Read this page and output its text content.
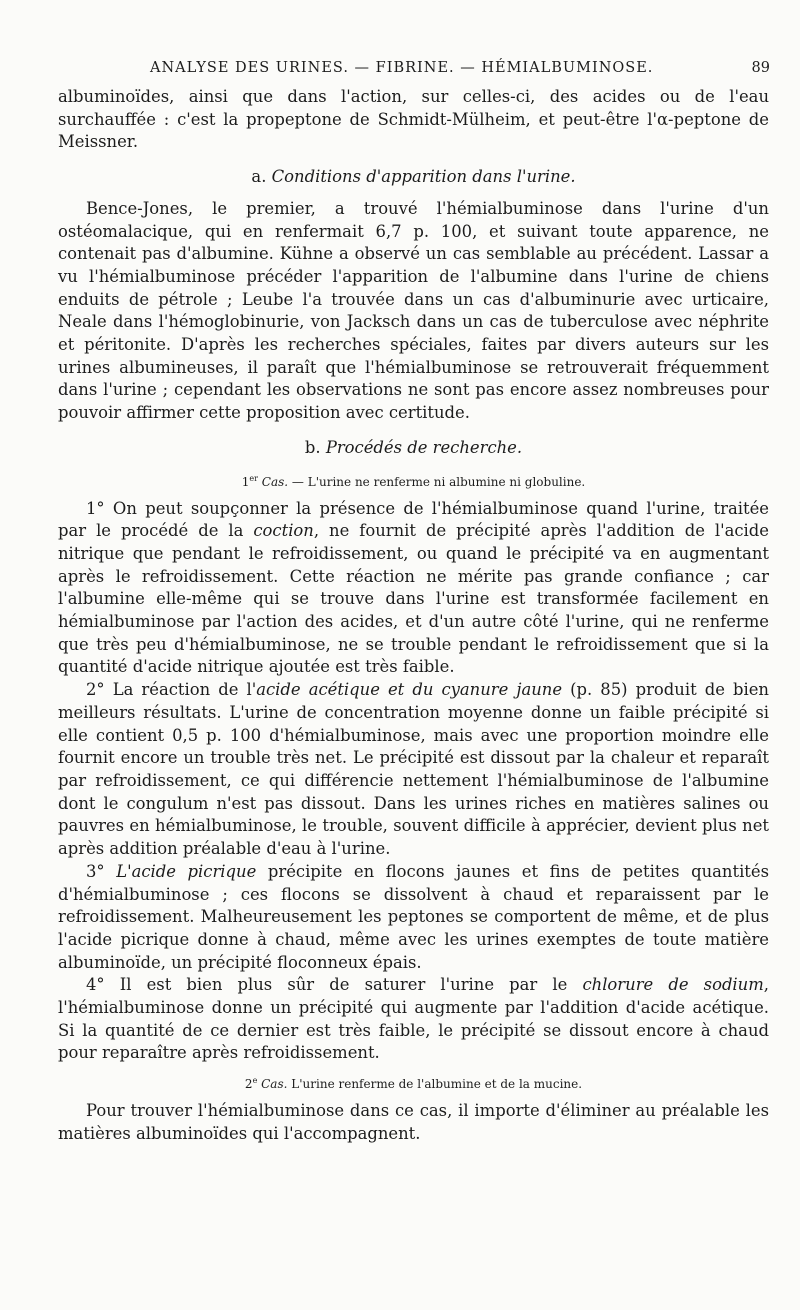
ANALYSE DES URINES. — FIBRINE. — HÉMIALBUMINOSE.	89

albuminoïdes, ainsi que dans l'action, sur celles-ci, des acides ou de l'eau surchauffée : c'est la propeptone de Schmidt-Mülheim, et peut-être l'α-peptone de Meissner.

a. Conditions d'apparition dans l'urine.

Bence-Jones, le premier, a trouvé l'hémialbuminose dans l'urine d'un ostéomalacique, qui en renfermait 6,7 p. 100, et suivant toute apparence, ne contenait pas d'albumine. Kühne a observé un cas semblable au précédent. Lassar a vu l'hémialbuminose précéder l'apparition de l'albumine dans l'urine de chiens enduits de pétrole ; Leube l'a trouvée dans un cas d'albuminurie avec urticaire, Neale dans l'hémoglobinurie, von Jacksch dans un cas de tuberculose avec néphrite et péritonite. D'après les recherches spéciales, faites par divers auteurs sur les urines albumineuses, il paraît que l'hémialbuminose se retrouverait fréquemment dans l'urine ; cependant les observations ne sont pas encore assez nombreuses pour pouvoir affirmer cette proposition avec certitude.

b. Procédés de recherche.

1er Cas. — L'urine ne renferme ni albumine ni globuline.

1° On peut soupçonner la présence de l'hémialbuminose quand l'urine, traitée par le procédé de la coction, ne fournit de précipité après l'addition de l'acide nitrique que pendant le refroidissement, ou quand le précipité va en augmentant après le refroidissement. Cette réaction ne mérite pas grande confiance ; car l'albumine elle-même qui se trouve dans l'urine est transformée facilement en hémialbuminose par l'action des acides, et d'un autre côté l'urine, qui ne renferme que très peu d'hémialbuminose, ne se trouble pendant le refroidissement que si la quantité d'acide nitrique ajoutée est très faible.

2° La réaction de l'acide acétique et du cyanure jaune (p. 85) produit de bien meilleurs résultats. L'urine de concentration moyenne donne un faible précipité si elle contient 0,5 p. 100 d'hémialbuminose, mais avec une proportion moindre elle fournit encore un trouble très net. Le précipité est dissout par la chaleur et reparaît par refroidissement, ce qui différencie nettement l'hémialbuminose de l'albumine dont le congulum n'est pas dissout. Dans les urines riches en matières salines ou pauvres en hémialbuminose, le trouble, souvent difficile à apprécier, devient plus net après addition préalable d'eau à l'urine.

3° L'acide picrique précipite en flocons jaunes et fins de petites quantités d'hémialbuminose ; ces flocons se dissolvent à chaud et reparaissent par le refroidissement. Malheureusement les peptones se comportent de même, et de plus l'acide picrique donne à chaud, même avec les urines exemptes de toute matière albuminoïde, un précipité floconneux épais.

4° Il est bien plus sûr de saturer l'urine par le chlorure de sodium, l'hémialbuminose donne un précipité qui augmente par l'addition d'acide acétique. Si la quantité de ce dernier est très faible, le précipité se dissout encore à chaud pour reparaître après refroidissement.

2e Cas. L'urine renferme de l'albumine et de la mucine.

Pour trouver l'hémialbuminose dans ce cas, il importe d'éliminer au préalable les matières albuminoïdes qui l'accompagnent.
